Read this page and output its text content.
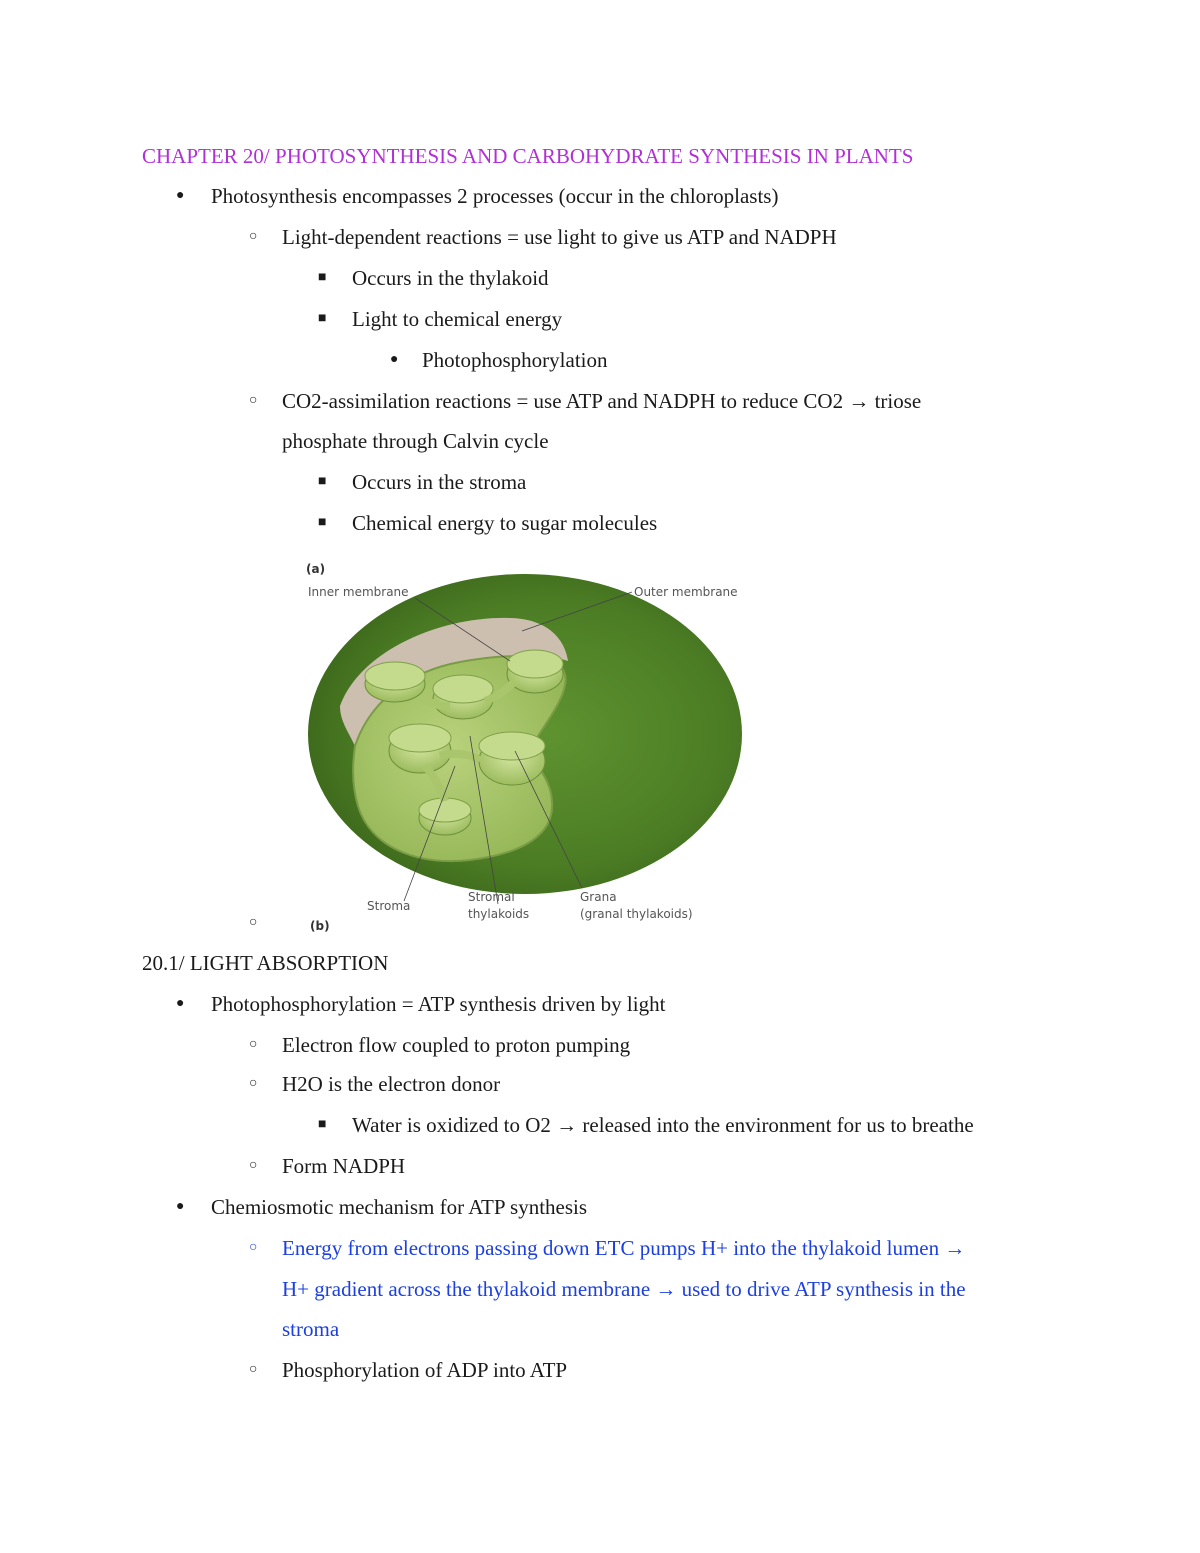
CHAPTER 20/ PHOTOSYNTHESIS AND CARBOHYDRATE SYNTHESIS IN PLANTS
● Photosynthesis encompasses 2 processes (occur in the chloroplasts)
○ Light-dependent reactions = use light to give us ATP and NADPH
■ Occurs in the thylakoid
■ Light to chemical energy
● Photophosphorylation
○ CO2-assimilation reactions = use ATP and NADPH to reduce CO2 → triose
phosphate through Calvin cycle
■ Occurs in the stroma
■ Chemical energy to sugar molecules
○
(a)
Inner membrane	Outer membrane
(b)
Stroma
Stromal
thylakoids
Grana
(granal thylakoids)
20.1/ LIGHT ABSORPTION
● Photophosphorylation = ATP synthesis driven by light
○ Electron flow coupled to proton pumping
○ H2O is the electron donor
■ Water is oxidized to O2 → released into the environment for us to breathe
○ Form NADPH
● Chemiosmotic mechanism for ATP synthesis
○ Energy from electrons passing down ETC pumps H+ into the thylakoid lumen →
H+ gradient across the thylakoid membrane → used to drive ATP synthesis in the
stroma
○ Phosphorylation of ADP into ATP
